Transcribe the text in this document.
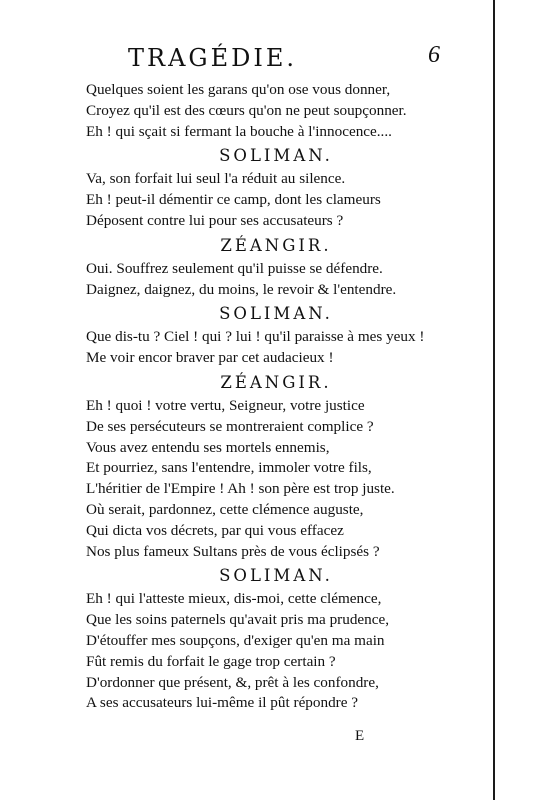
TRAGÉDIE.	6
Quelques soient les garans qu'on ose vous donner,
Croyez qu'il est des cœurs qu'on ne peut soupçonner.
Eh ! qui sçait si fermant la bouche à l'innocence....
SOLIMAN.
Va, son forfait lui seul l'a réduit au silence.
Eh ! peut-il démentir ce camp, dont les clameurs
Déposent contre lui pour ses accusateurs ?
ZÉANGIR.
Oui. Souffrez seulement qu'il puisse se défendre.
Daignez, daignez, du moins, le revoir & l'entendre.
SOLIMAN.
Que dis-tu ? Ciel ! qui ? lui ! qu'il paraisse à mes yeux !
Me voir encor braver par cet audacieux !
ZÉANGIR.
Eh ! quoi ! votre vertu, Seigneur, votre justice
De ses persécuteurs se montreraient complice ?
Vous avez entendu ses mortels ennemis,
Et pourriez, sans l'entendre, immoler votre fils,
L'héritier de l'Empire ! Ah ! son père est trop juste.
Où serait, pardonnez, cette clémence auguste,
Qui dicta vos décrets, par qui vous effacez
Nos plus fameux Sultans près de vous éclipsés ?
SOLIMAN.
Eh ! qui l'atteste mieux, dis-moi, cette clémence,
Que les soins paternels qu'avait pris ma prudence,
D'étouffer mes soupçons, d'exiger qu'en ma main
Fût remis du forfait le gage trop certain ?
D'ordonner que présent, &, prêt à les confondre,
A ses accusateurs lui-même il pût répondre ?
E
